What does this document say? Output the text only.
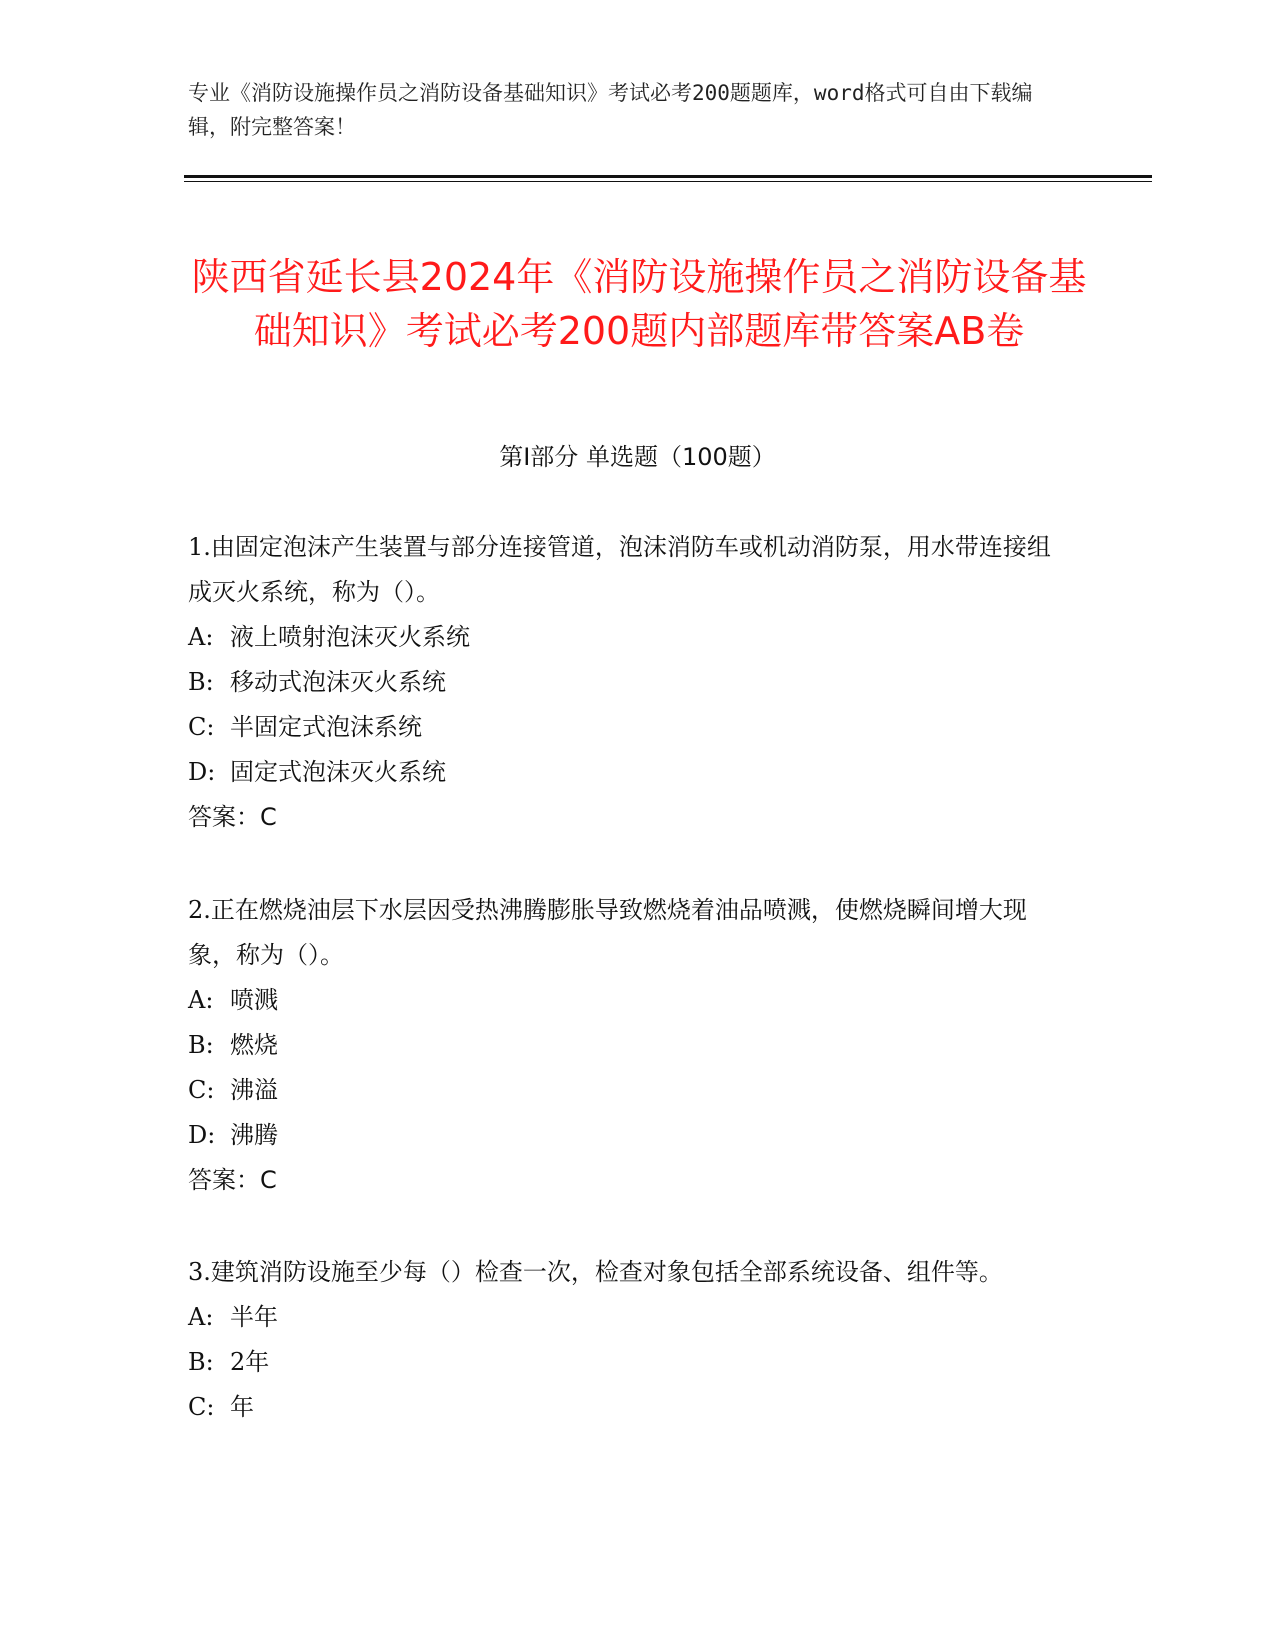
专业《消防设施操作员之消防设备基础知识》考试必考200题题库，word格式可自由下载编辑，附完整答案！
陕西省延长县2024年《消防设施操作员之消防设备基础知识》考试必考200题内部题库带答案AB卷
第I部分 单选题（100题）

1.由固定泡沫产生装置与部分连接管道，泡沫消防车或机动消防泵，用水带连接组成灭火系统，称为（）。

A: 液上喷射泡沫灭火系统

B: 移动式泡沫灭火系统

C: 半固定式泡沫系统

D: 固定式泡沫灭火系统

答案：C

2.正在燃烧油层下水层因受热沸腾膨胀导致燃烧着油品喷溅，使燃烧瞬间增大现象，称为（）。

A: 喷溅

B: 燃烧

C: 沸溢

D: 沸腾

答案：C

3.建筑消防设施至少每（）检查一次，检查对象包括全部系统设备、组件等。

A: 半年

B: 2年

C: 年
